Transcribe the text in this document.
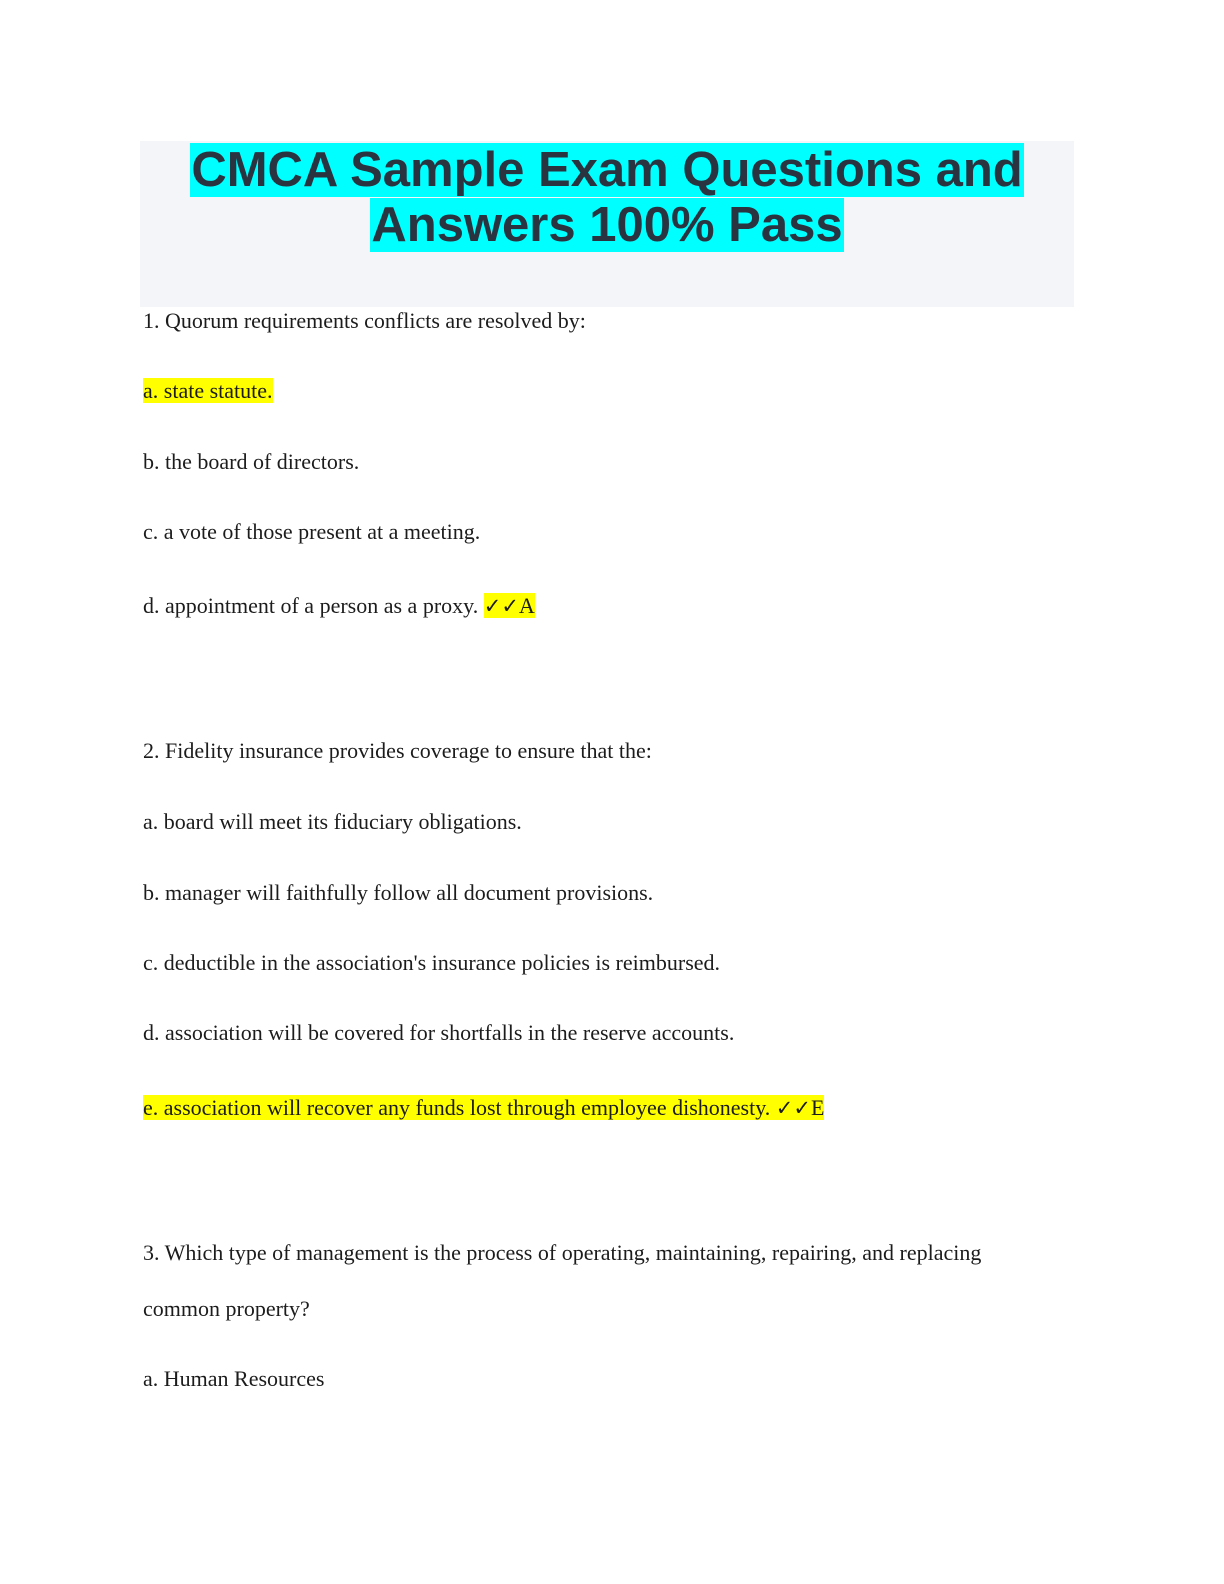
CMCA Sample Exam Questions and
Answers 100% Pass
1. Quorum requirements conflicts are resolved by:
a. state statute.
b. the board of directors.
c. a vote of those present at a meeting.
d. appointment of a person as a proxy. ✓✓A
2. Fidelity insurance provides coverage to ensure that the:
a. board will meet its fiduciary obligations.
b. manager will faithfully follow all document provisions.
c. deductible in the association's insurance policies is reimbursed.
d. association will be covered for shortfalls in the reserve accounts.
e. association will recover any funds lost through employee dishonesty. ✓✓E
3. Which type of management is the process of operating, maintaining, repairing, and replacing
common property?
a. Human Resources
